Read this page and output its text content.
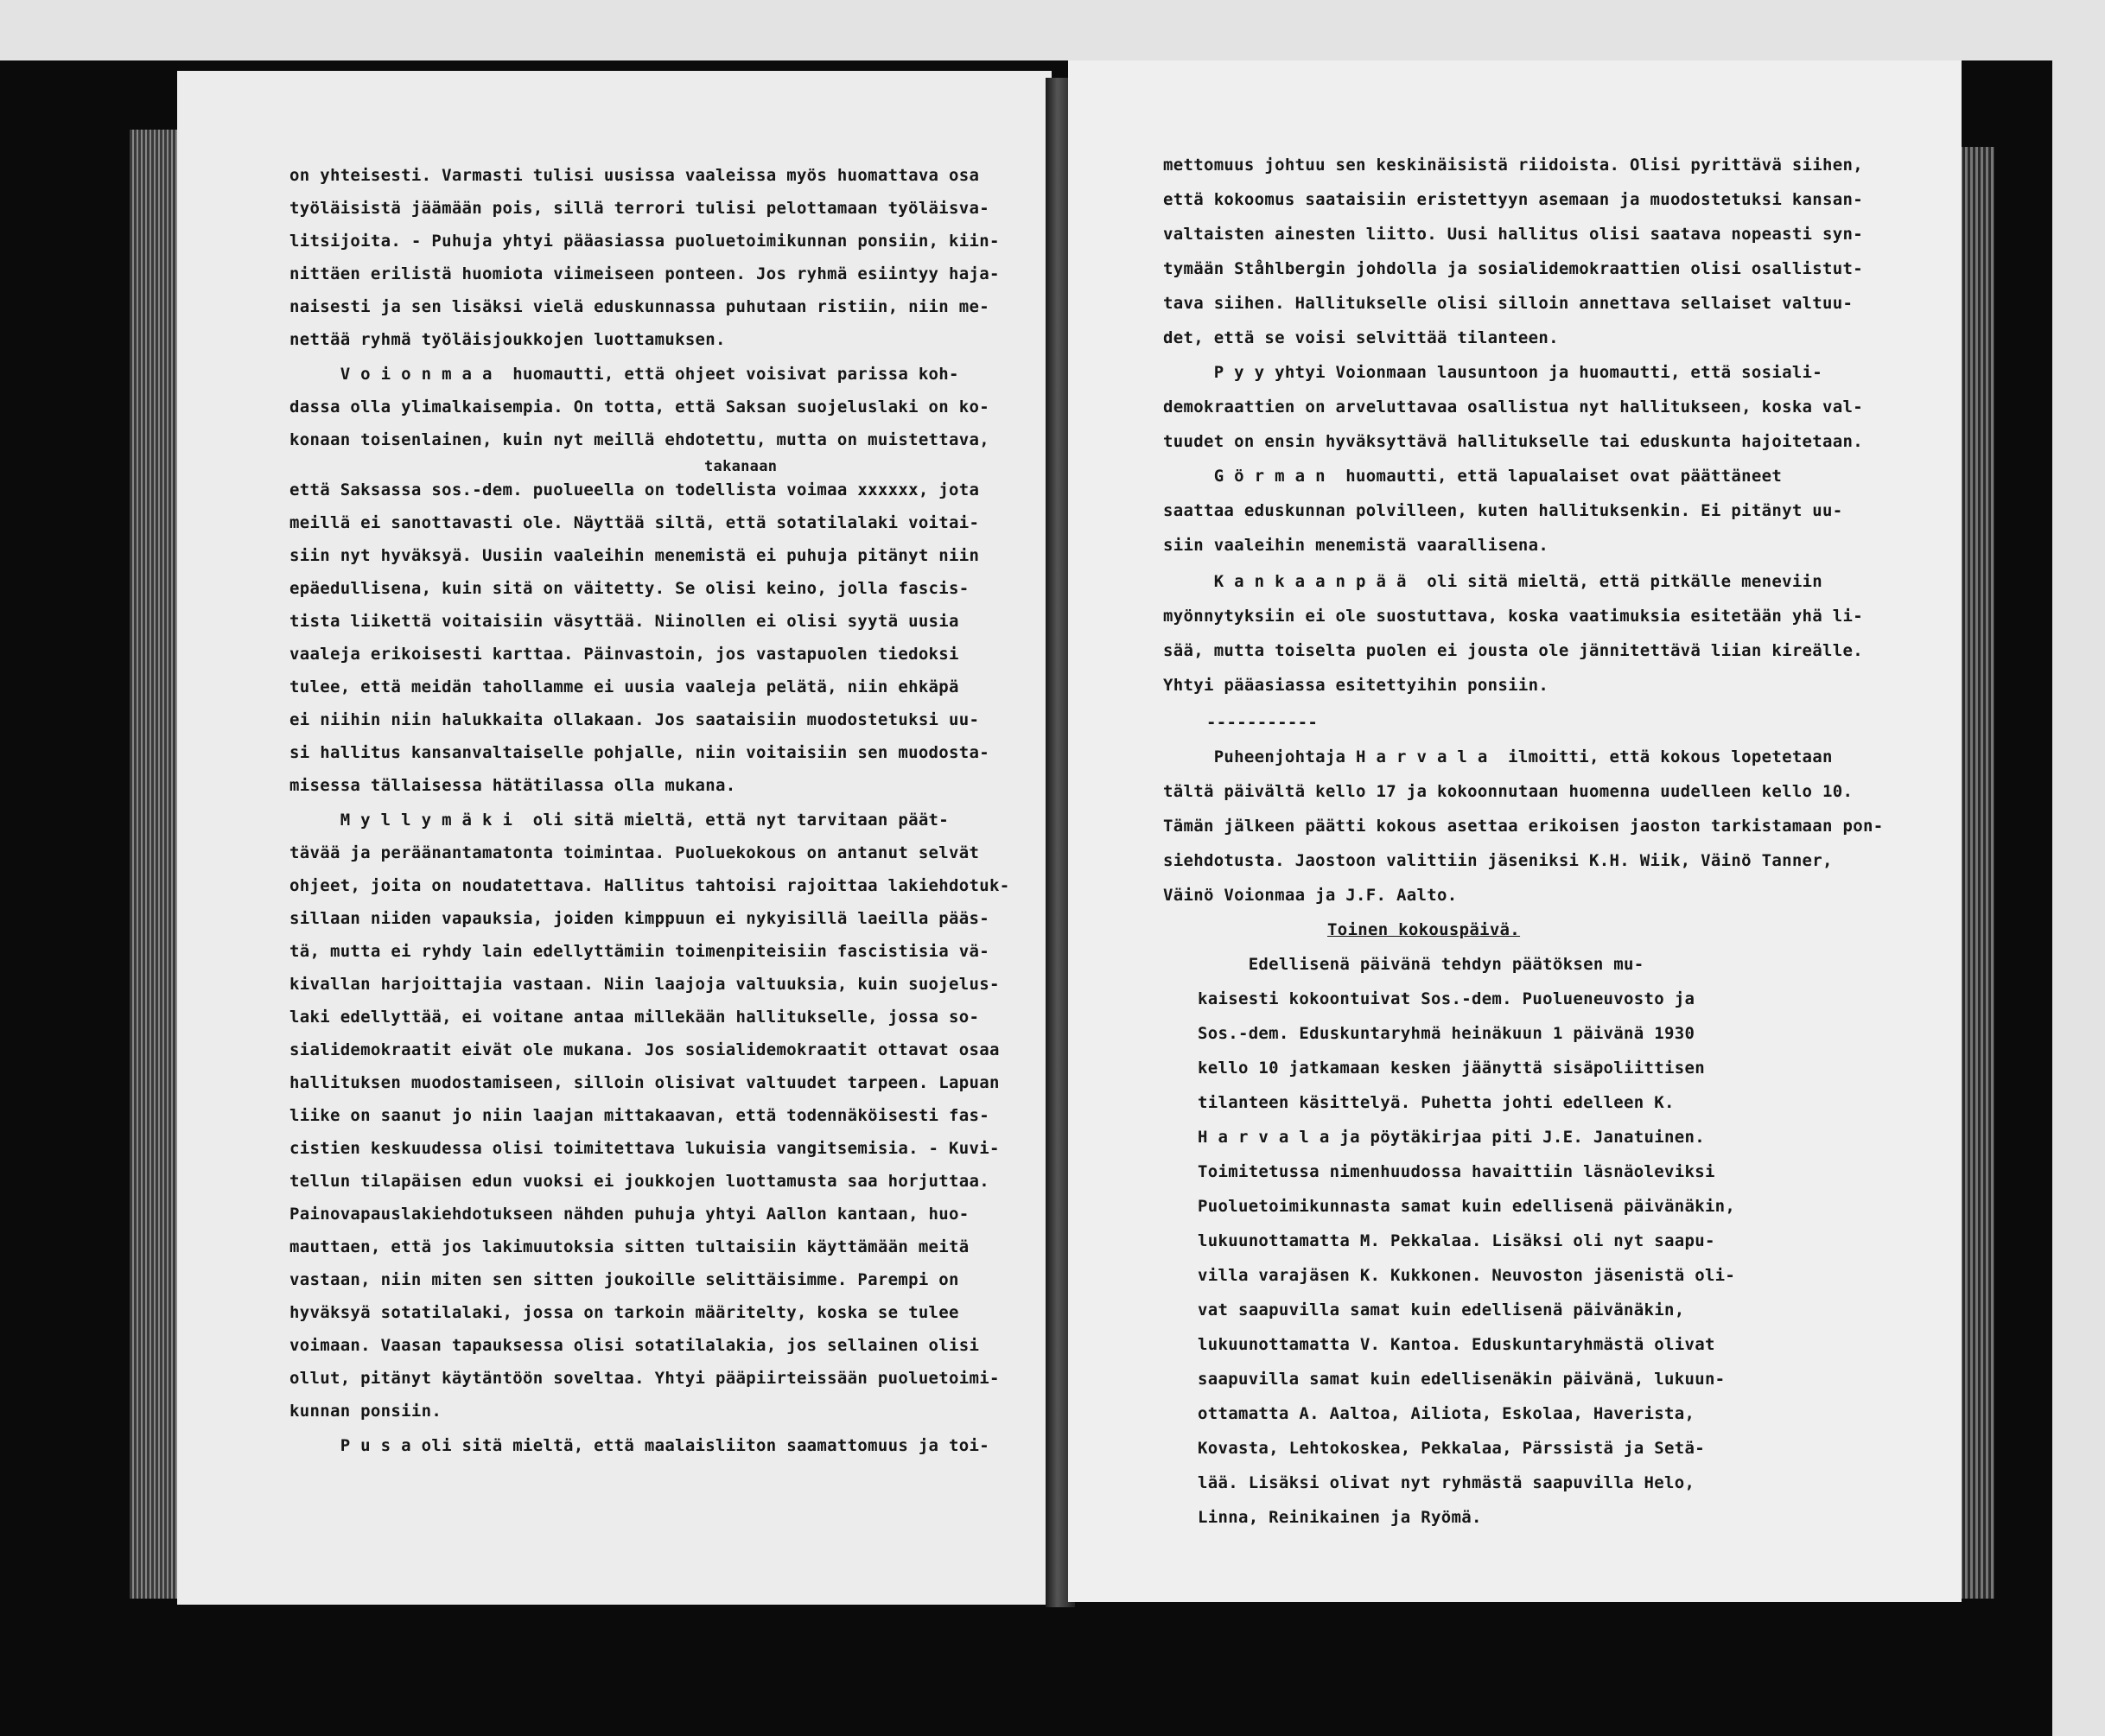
on yhteisesti. Varmasti tulisi uusissa vaaleissa myös huomattava osa
työläisistä jäämään pois, sillä terrori tulisi pelottamaan työläisva-
litsijoita. - Puhuja yhtyi pääasiassa puoluetoimikunnan ponsiin, kiin-
nittäen erilistä huomiota viimeiseen ponteen. Jos ryhmä esiintyy haja-
naisesti ja sen lisäksi vielä eduskunnassa puhutaan ristiin, niin me-
nettää ryhmä työläisjoukkojen luottamuksen.
V o i o n m a a  huomautti, että ohjeet voisivat parissa koh-
dassa olla ylimalkaisempia. On totta, että Saksan suojeluslaki on ko-
konaan toisenlainen, kuin nyt meillä ehdotettu, mutta on muistettava,
takanaan
että Saksassa sos.-dem. puolueella on todellista voimaa xxxxxx, jota
meillä ei sanottavasti ole. Näyttää siltä, että sotatilalaki voitai-
siin nyt hyväksyä. Uusiin vaaleihin menemistä ei puhuja pitänyt niin
epäedullisena, kuin sitä on väitetty. Se olisi keino, jolla fascis-
tista liikettä voitaisiin väsyttää. Niinollen ei olisi syytä uusia
vaaleja erikoisesti karttaa. Päinvastoin, jos vastapuolen tiedoksi
tulee, että meidän tahollamme ei uusia vaaleja pelätä, niin ehkäpä
ei niihin niin halukkaita ollakaan. Jos saataisiin muodostetuksi uu-
si hallitus kansanvaltaiselle pohjalle, niin voitaisiin sen muodosta-
misessa tällaisessa hätätilassa olla mukana.
M y l l y m ä k i  oli sitä mieltä, että nyt tarvitaan päät-
tävää ja peräänantamatonta toimintaa. Puoluekokous on antanut selvät
ohjeet, joita on noudatettava. Hallitus tahtoisi rajoittaa lakiehdotuk-
sillaan niiden vapauksia, joiden kimppuun ei nykyisillä laeilla pääs-
tä, mutta ei ryhdy lain edellyttämiin toimenpiteisiin fascistisia vä-
kivallan harjoittajia vastaan. Niin laajoja valtuuksia, kuin suojelus-
laki edellyttää, ei voitane antaa millekään hallitukselle, jossa so-
sialidemokraatit eivät ole mukana. Jos sosialidemokraatit ottavat osaa
hallituksen muodostamiseen, silloin olisivat valtuudet tarpeen. Lapuan
liike on saanut jo niin laajan mittakaavan, että todennäköisesti fas-
cistien keskuudessa olisi toimitettava lukuisia vangitsemisia. - Kuvi-
tellun tilapäisen edun vuoksi ei joukkojen luottamusta saa horjuttaa.
Painovapauslakiehdotukseen nähden puhuja yhtyi Aallon kantaan, huo-
mauttaen, että jos lakimuutoksia sitten tultaisiin käyttämään meitä
vastaan, niin miten sen sitten joukoille selittäisimme. Parempi on
hyväksyä sotatilalaki, jossa on tarkoin määritelty, koska se tulee
voimaan. Vaasan tapauksessa olisi sotatilalakia, jos sellainen olisi
ollut, pitänyt käytäntöön soveltaa. Yhtyi pääpiirteissään puoluetoimi-
kunnan ponsiin.
P u s a oli sitä mieltä, että maalaisliiton saamattomuus ja toi-
mettomuus johtuu sen keskinäisistä riidoista. Olisi pyrittävä siihen,
että kokoomus saataisiin eristettyyn asemaan ja muodostetuksi kansan-
valtaisten ainesten liitto. Uusi hallitus olisi saatava nopeasti syn-
tymään Ståhlbergin johdolla ja sosialidemokraattien olisi osallistut-
tava siihen. Hallitukselle olisi silloin annettava sellaiset valtuu-
det, että se voisi selvittää tilanteen.
P y y yhtyi Voionmaan lausuntoon ja huomautti, että sosiali-
demokraattien on arveluttavaa osallistua nyt hallitukseen, koska val-
tuudet on ensin hyväksyttävä hallitukselle tai eduskunta hajoitetaan.
G ö r m a n  huomautti, että lapualaiset ovat päättäneet
saattaa eduskunnan polvilleen, kuten hallituksenkin. Ei pitänyt uu-
siin vaaleihin menemistä vaarallisena.
K a n k a a n p ä ä  oli sitä mieltä, että pitkälle meneviin
myönnytyksiin ei ole suostuttava, koska vaatimuksia esitetään yhä li-
sää, mutta toiselta puolen ei jousta ole jännitettävä liian kireälle.
Yhtyi pääasiassa esitettyihin ponsiin.
-----------
Puheenjohtaja H a r v a l a  ilmoitti, että kokous lopetetaan
tältä päivältä kello 17 ja kokoonnutaan huomenna uudelleen kello 10.
Tämän jälkeen päätti kokous asettaa erikoisen jaoston tarkistamaan pon-
siehdotusta. Jaostoon valittiin jäseniksi K.H. Wiik, Väinö Tanner,
Väinö Voionmaa ja J.F. Aalto.
Toinen kokouspäivä.
Edellisenä päivänä tehdyn päätöksen mu-
kaisesti kokoontuivat Sos.-dem. Puolueneuvosto ja
Sos.-dem. Eduskuntaryhmä heinäkuun 1 päivänä 1930
kello 10 jatkamaan kesken jäänyttä sisäpoliittisen
tilanteen käsittelyä. Puhetta johti edelleen K.
H a r v a l a ja pöytäkirjaa piti J.E. Janatuinen.
Toimitetussa nimenhuudossa havaittiin läsnäoleviksi
Puoluetoimikunnasta samat kuin edellisenä päivänäkin,
lukuunottamatta M. Pekkalaa. Lisäksi oli nyt saapu-
villa varajäsen K. Kukkonen. Neuvoston jäsenistä oli-
vat saapuvilla samat kuin edellisenä päivänäkin,
lukuunottamatta V. Kantoa. Eduskuntaryhmästä olivat
saapuvilla samat kuin edellisenäkin päivänä, lukuun-
ottamatta A. Aaltoa, Ailiota, Eskolaa, Haverista,
Kovasta, Lehtokoskea, Pekkalaa, Pärssistä ja Setä-
lää. Lisäksi olivat nyt ryhmästä saapuvilla Helo,
Linna, Reinikainen ja Ryömä.
